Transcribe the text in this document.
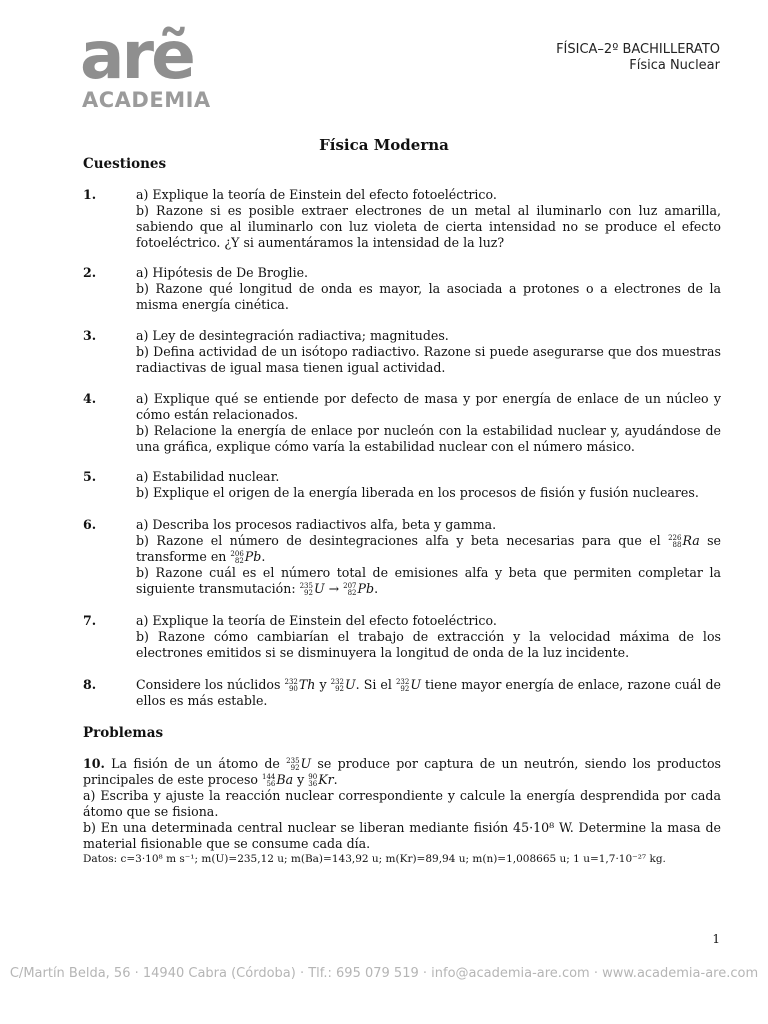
arẽ
ACADEMIA
FÍSICA–2º BACHILLERATO
Física Nuclear
Física Moderna
Cuestiones
1.	a) Explique la teoría de Einstein del efecto fotoeléctrico.

b) Razone si es posible extraer electrones de un metal al iluminarlo con luz amarilla, sabiendo que al iluminarlo con luz violeta de cierta intensidad no se produce el efecto fotoeléctrico. ¿Y si aumentáramos la intensidad de la luz?

2.	a) Hipótesis de De Broglie.

b) Razone qué longitud de onda es mayor, la asociada a protones o a electrones de la misma energía cinética.

3.	a) Ley de desintegración radiactiva; magnitudes.

b) Defina actividad de un isótopo radiactivo. Razone si puede asegurarse que dos muestras radiactivas de igual masa tienen igual actividad.

4.	a) Explique qué se entiende por defecto de masa y por energía de enlace de un núcleo y cómo están relacionados.

b) Relacione la energía de enlace por nucleón con la estabilidad nuclear y, ayudándose de una gráfica, explique cómo varía la estabilidad nuclear con el número másico.

5.	a) Estabilidad nuclear.

b) Explique el origen de la energía liberada en los procesos de fisión y fusión nucleares.

6.	a) Describa los procesos radiactivos alfa, beta y gamma.

b) Razone el número de desintegraciones alfa y beta necesarias para que el 226
88 Ra se transforme en 206
82 Pb.

b) Razone cuál es el número total de emisiones alfa y beta que permiten completar la siguiente transmutación: 235
92 U → 207
82 Pb.

7.	a) Explique la teoría de Einstein del efecto fotoeléctrico.

b) Razone cómo cambiarían el trabajo de extracción y la velocidad máxima de los electrones emitidos si se disminuyera la longitud de onda de la luz incidente.

8.	Considere los núclidos 232
90 Th y 232
92 U. Si el 232
92 U tiene mayor energía de enlace, razone cuál de ellos es más estable.

Problemas

10. La fisión de un átomo de 235
92 U se produce por captura de un neutrón, siendo los productos principales de este proceso 144
56 Ba y 90
36 Kr.

a) Escriba y ajuste la reacción nuclear correspondiente y calcule la energía desprendida por cada átomo que se fisiona.

b) En una determinada central nuclear se liberan mediante fisión 45·10⁸ W. Determine la masa de material fisionable que se consume cada día.

Datos: c=3·10⁸ m s⁻¹; m(U)=235,12 u; m(Ba)=143,92 u; m(Kr)=89,94 u; m(n)=1,008665 u; 1 u=1,7·10⁻²⁷ kg.

1
C/Martín Belda, 56 · 14940 Cabra (Córdoba) · Tlf.: 695 079 519 · info@academia-are.com · www.academia-are.com
